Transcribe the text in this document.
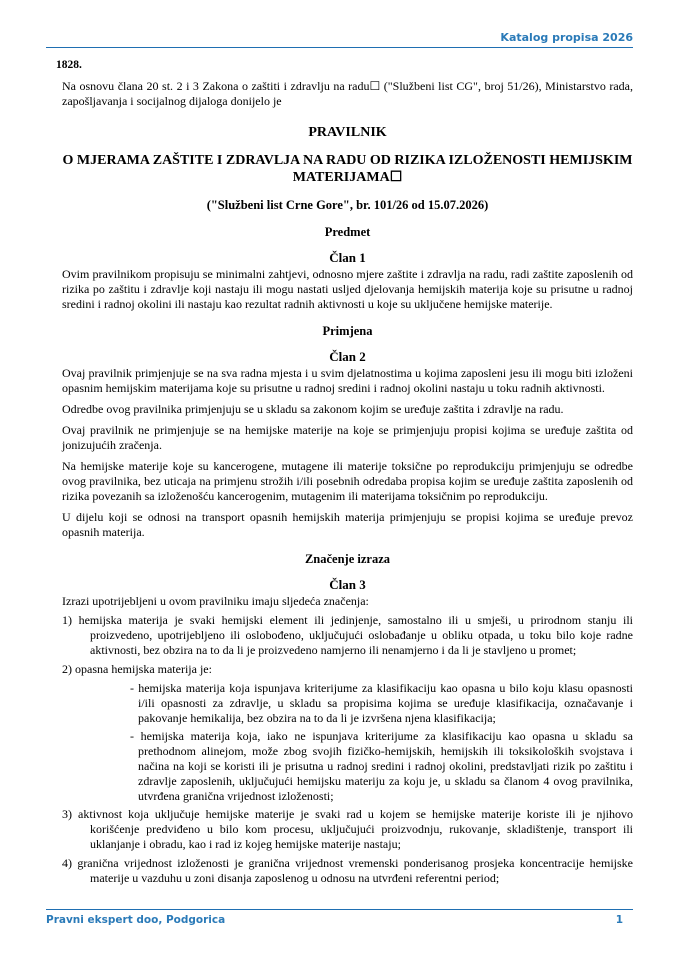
Katalog propisa 2026
1828.

Na osnovu člana 20 st. 2 i 3 Zakona o zaštiti i zdravlju na radu☐ ("Službeni list CG", broj 51/26), Ministarstvo rada, zapošljavanja i socijalnog dijaloga donijelo je

PRAVILNIK
O MJERAMA ZAŠTITE I ZDRAVLJA NA RADU OD RIZIKA IZLOŽENOSTI HEMIJSKIM MATERIJAMA☐
("Službeni list Crne Gore", br. 101/26 od 15.07.2026)
Predmet
Član 1

Ovim pravilnikom propisuju se minimalni zahtjevi, odnosno mjere zaštite i zdravlja na radu, radi zaštite zaposlenih od rizika po zaštitu i zdravlje koji nastaju ili mogu nastati uslјed djelovanja hemijskih materija koje su prisutne u radnoj sredini i radnoj okolini ili nastaju kao rezultat radnih aktivnosti u koje su uključene hemijske materije.

Primjena
Član 2

Ovaj pravilnik primjenjuje se na sva radna mjesta i u svim djelatnostima u kojima zaposleni jesu ili mogu biti izloženi opasnim hemijskim materijama koje su prisutne u radnoj sredini i radnoj okolini nastaju u toku radnih aktivnosti.

Odredbe ovog pravilnika primjenjuju se u skladu sa zakonom kojim se uređuje zaštita i zdravlje na radu.

Ovaj pravilnik ne primjenjuje se na hemijske materije na koje se primjenjuju propisi kojima se uređuje zaštita od jonizujućih zračenja.

Na hemijske materije koje su kancerogene, mutagene ili materije toksične po reprodukciju primjenjuju se odredbe ovog pravilnika, bez uticaja na primjenu strožih i/ili posebnih odredaba propisa kojim se uređuje zaštita zaposlenih od rizika povezanih sa izloženošću kancerogenim, mutagenim ili materijama toksičnim po reprodukciju.

U dijelu koji se odnosi na transport opasnih hemijskih materija primjenjuju se propisi kojima se uređuje prevoz opasnih materija.

Značenje izraza
Član 3

Izrazi upotrijebljeni u ovom pravilniku imaju sljedeća značenja:

1) hemijska materija je svaki hemijski element ili jedinjenje, samostalno ili u smješi, u prirodnom stanju ili proizvedeno, upotrijebljeno ili oslobođeno, uključujući oslobađanje u obliku otpada, u toku bilo koje radne aktivnosti, bez obzira na to da li je proizvedeno namjerno ili nenamjerno i da li je stavljeno u promet;

2) opasna hemijska materija je:

- hemijska materija koja ispunjava kriterijume za klasifikaciju kao opasna u bilo koju klasu opasnosti i/ili opasnosti za zdravlje, u skladu sa propisima kojima se uređuje klasifikacija, označavanje i pakovanje hemikalija, bez obzira na to da li je izvršena njena klasifikacija;

- hemijska materija koja, iako ne ispunjava kriterijume za klasifikaciju kao opasna u skladu sa prethodnom alinejom, može zbog svojih fizičko-hemijskih, hemijskih ili toksikoloških svojstava i načina na koji se koristi ili je prisutna u radnoj sredini i radnoj okolini, predstavljati rizik po zaštitu i zdravlje zaposlenih, uključujući hemijsku materiju za koju je, u skladu sa članom 4 ovog pravilnika, utvrđena granična vrijednost izloženosti;

3) aktivnost koja uključuje hemijske materije je svaki rad u kojem se hemijske materije koriste ili je njihovo korišćenje predviđeno u bilo kom procesu, uključujući proizvodnju, rukovanje, skladištenje, transport ili uklanjanje i obradu, kao i rad iz kojeg hemijske materije nastaju;

4) granična vrijednost izloženosti je granična vrijednost vremenski ponderisanog prosjeka koncentracije hemijske materije u vazduhu u zoni disanja zaposlenog u odnosu na utvrđeni referentni period;

Pravni ekspert doo, Podgorica	1
